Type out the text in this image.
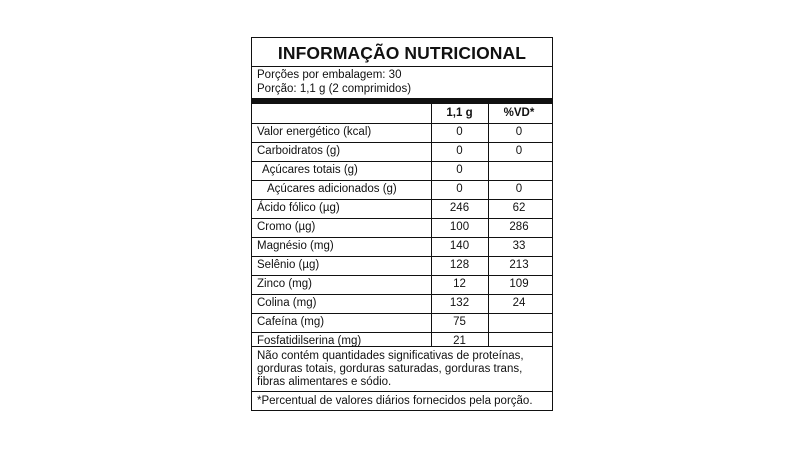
INFORMAÇÃO NUTRICIONAL
Porções por embalagem: 30
Porção: 1,1 g (2 comprimidos)
1,1 g	%VD*
Valor energético (kcal)	0	0
Carboidratos (g)	0	0
Açúcares totais (g)	0
Açúcares adicionados (g)	0	0
Ácido fólico (µg)	246	62
Cromo (µg)	100	286
Magnésio (mg)	140	33
Selênio (µg)	128	213
Zinco (mg)	12	109
Colina (mg)	132	24
Cafeína (mg)	75
Fosfatidilserina (mg)	21
Não contém quantidades significativas de proteínas, gorduras totais, gorduras saturadas, gorduras trans, fibras alimentares e sódio.
*Percentual de valores diários fornecidos pela porção.
